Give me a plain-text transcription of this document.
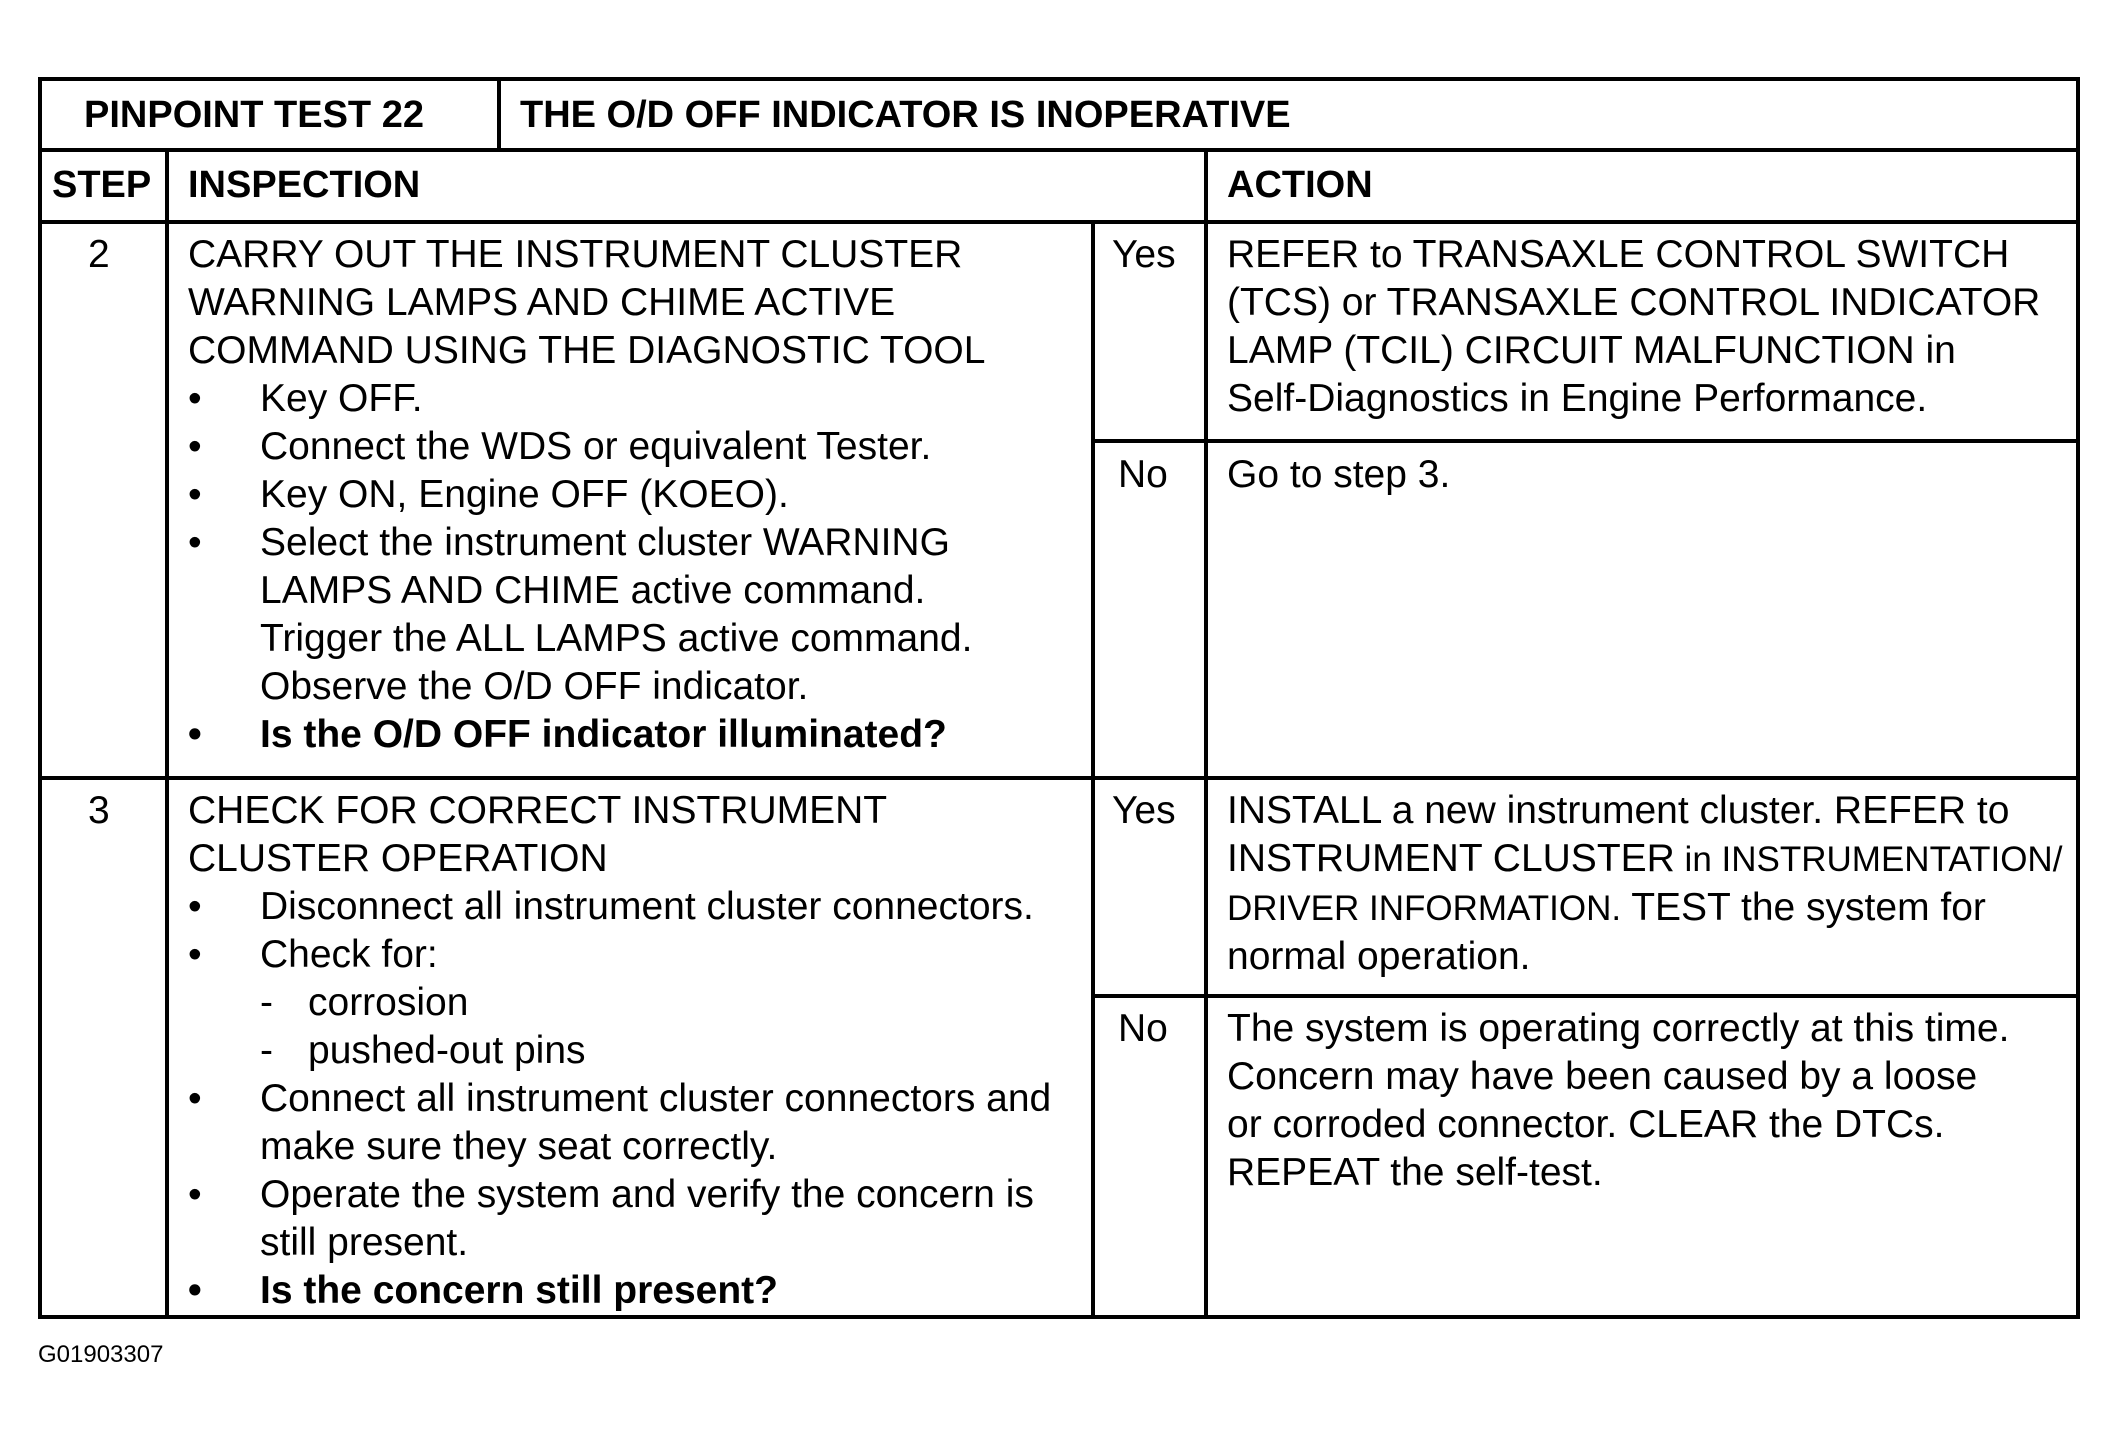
PINPOINT TEST 22	THE O/D OFF INDICATOR IS INOPERATIVE
STEP INSPECTION	ACTION
2 CARRY OUT THE INSTRUMENT CLUSTER
WARNING LAMPS AND CHIME ACTIVE
COMMAND USING THE DIAGNOSTIC TOOL
• Key OFF.
• Connect the WDS or equivalent Tester.
• Key ON, Engine OFF (KOEO).
• Select the instrument cluster WARNING
LAMPS AND CHIME active command.
Trigger the ALL LAMPS active command.
Observe the O/D OFF indicator.
• Is the O/D OFF indicator illuminated?
Yes REFER to TRANSAXLE CONTROL SWITCH
(TCS) or TRANSAXLE CONTROL INDICATOR
LAMP (TCIL) CIRCUIT MALFUNCTION in
Self-Diagnostics in Engine Performance.
No Go to step 3.
3 CHECK FOR CORRECT INSTRUMENT
CLUSTER OPERATION
• Disconnect all instrument cluster connectors.
• Check for:
- corrosion
- pushed-out pins
• Connect all instrument cluster connectors and
make sure they seat correctly.
• Operate the system and verify the concern is
still present.
• Is the concern still present?
Yes INSTALL a new instrument cluster. REFER to
INSTRUMENT CLUSTER in INSTRUMENTATION/
DRIVER INFORMATION. TEST the system for
normal operation.
No The system is operating correctly at this time.
Concern may have been caused by a loose
or corroded connector. CLEAR the DTCs.
REPEAT the self-test.
G01903307
